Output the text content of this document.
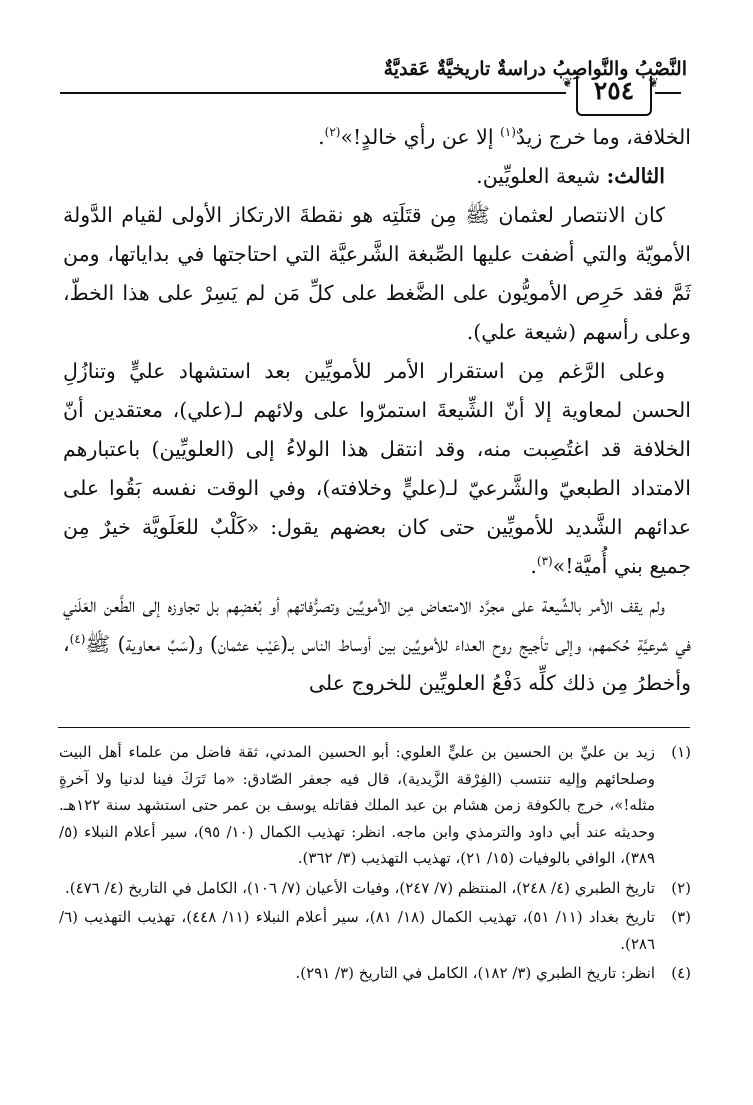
النَّصْبُ والنَّواصِبُ دراسةٌ تاريخيَّةٌ عَقديَّةٌ
❦
❦ ٢٥٤

الخلافة، وما خرج زيدٌ$^{(١)}$ إلا عن رأي خالدٍ!»$^{(٢)}$.

الثالث: شيعة العلويِّين.

كان الانتصار لعثمان ﷺ مِن قتَلَتِه هو نقطةَ الارتكاز الأولى لقيام الدَّولة الأمويّة والتي أضفت عليها الصِّبغة الشَّرعيَّة التي احتاجتها في بداياتها، ومن ثَمَّ فقد حَرِص الأمويُّون على الضَّغط على كلِّ مَن لم يَسِرْ على هذا الخطّ، وعلى رأسهم (شيعة علي).

وعلى الرَّغم مِن استقرار الأمر للأمويِّين بعد استشهاد عليٍّ وتنازُلِ الحسن لمعاوية إلا أنّ الشِّيعةَ استمرّوا على ولائهم لـ(علي)، معتقدين أنّ الخلافة قد اغتُصِبت منه، وقد انتقل هذا الولاءُ إلى (العلويِّين) باعتبارهم الامتداد الطبعيّ والشَّرعيّ لـ(عليٍّ وخلافته)، وفي الوقت نفسه بَقُوا على عدائهم الشَّديد للأمويِّين حتى كان بعضهم يقول: «كَلْبٌ للعَلَويَّة خيرٌ مِن جميع بني أُميَّة!»$^{(٣)}$.

ولم يقف الأمر بالشِّيعة على مجرَّد الامتعاض مِن الأمويِّين وتصرُّفاتهم أو بُغضِهم بل تجاوزه إلى الطَّعن العَلَني في شرعيَّةِ حُكمهم، وإلى تأجيج روح العداء للأمويِّين بين أوساط الناس بـ(عَيْب عثمان) و(سَبِّ معاوية) ﷺ$^{(٤)}$، وأخطرُ مِن ذلك كلِّه دَفْعُ العلويِّين للخروج على

(١)
زيد بن عليِّ بن الحسين بن عليٍّ العلوي: أبو الحسين المدني، ثقة فاضل من علماء أهل البيت وصلحائهم وإليه تنتسب (الفِرْقة الزَّيدية)، قال فيه جعفر الصّادق: «ما تَرَكَ فينا لدنيا ولا آخرةٍ مثله!»، خرج بالكوفة زمن هشام بن عبد الملك فقاتله يوسف بن عمر حتى استشهد سنة ١٢٢هـ. وحديثه عند أبي داود والترمذي وابن ماجه. انظر: تهذيب الكمال (١٠/ ٩٥)، سير أعلام النبلاء (٥/ ٣٨٩)، الوافي بالوفيات (١٥/ ٢١)، تهذيب التهذيب (٣/ ٣٦٢).
(٢)
تاريخ الطبري (٤/ ٢٤٨)، المنتظم (٧/ ٢٤٧)، وفيات الأعيان (٧/ ١٠٦)، الكامل في التاريخ (٤/ ٤٧٦).
(٣)
تاريخ بغداد (١١/ ٥١)، تهذيب الكمال (١٨/ ٨١)، سير أعلام النبلاء (١١/ ٤٤٨)، تهذيب التهذيب (٦/ ٢٨٦).
(٤)
انظر: تاريخ الطبري (٣/ ١٨٢)، الكامل في التاريخ (٣/ ٢٩١).
